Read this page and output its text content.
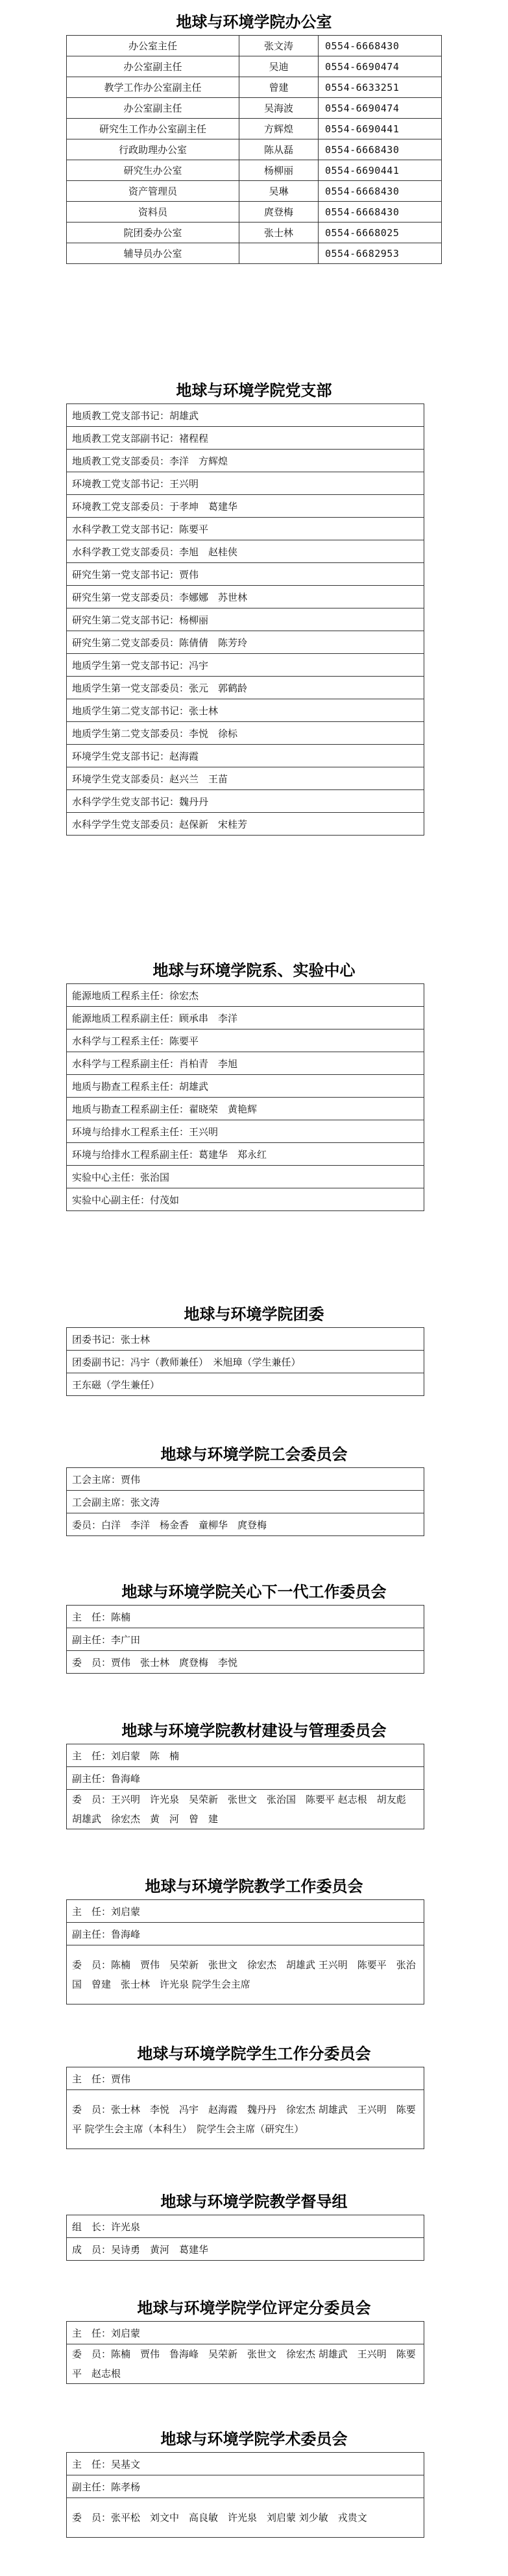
地球与环境学院办公室
办公室主任	张文涛	0554-6668430
办公室副主任	吴迪	0554-6690474
教学工作办公室副主任	曾建	0554-6633251
办公室副主任	吴海波	0554-6690474
研究生工作办公室副主任	方辉煌	0554-6690441
行政助理办公室	陈从磊	0554-6668430
研究生办公室	杨柳丽	0554-6690441
资产管理员	吴琳	0554-6668430
资料员	庹登梅	0554-6668430
院团委办公室	张士林	0554-6668025
辅导员办公室		0554-6682953
地球与环境学院党支部
地质教工党支部书记：胡雄武
地质教工党支部副书记：褚程程
地质教工党支部委员：李洋　方辉煌
环境教工党支部书记：王兴明
环境教工党支部委员：于孝坤　葛建华
水科学教工党支部书记：陈要平
水科学教工党支部委员：李旭　赵桂侠
研究生第一党支部书记：贾伟
研究生第一党支部委员：李娜娜　苏世林
研究生第二党支部书记：杨柳丽
研究生第二党支部委员：陈倩倩　陈芳玲
地质学生第一党支部书记：冯宇
地质学生第一党支部委员：张元　郭鹤龄
地质学生第二党支部书记：张士林
地质学生第二党支部委员：李悦　徐标
环境学生党支部书记：赵海霞
环境学生党支部委员：赵兴兰　王苗
水科学学生党支部书记：魏丹丹
水科学学生党支部委员：赵保新　宋桂芳
地球与环境学院系、实验中心
能源地质工程系主任：徐宏杰
能源地质工程系副主任：顾承串　李洋
水科学与工程系主任：陈要平
水科学与工程系副主任：肖柏青　李旭
地质与勘查工程系主任：胡雄武
地质与勘查工程系副主任：翟晓荣　黄艳辉
环境与给排水工程系主任：王兴明
环境与给排水工程系副主任：葛建华　郑永红
实验中心主任：张治国
实验中心副主任：付茂如
地球与环境学院团委
团委书记：张士林
团委副书记：冯宇（教师兼任）　米旭璋（学生兼任）
王东磁（学生兼任）
地球与环境学院工会委员会
工会主席：贾伟
工会副主席：张文涛
委员：白洋　李洋　杨金香　童柳华　庹登梅
地球与环境学院关心下一代工作委员会
主　任：陈楠
副主任：李广田
委　员：贾伟　张士林　庹登梅　李悦
地球与环境学院教材建设与管理委员会
主　任：刘启蒙　陈　楠
副主任：鲁海峰
委　员：王兴明　许光泉　吴荣新　张世文　张治国　陈要平 赵志根　胡友彪　胡雄武　徐宏杰　黄　河　曾　建
地球与环境学院教学工作委员会
主　任：刘启蒙
副主任：鲁海峰
委　员：陈楠　贾伟　吴荣新　张世文　徐宏杰　胡雄武 王兴明　陈要平　张治国　曾建　张士林　许光泉 院学生会主席
地球与环境学院学生工作分委员会
主　任：贾伟
委　员：张士林　李悦　冯宇　赵海霞　魏丹丹　徐宏杰 胡雄武　王兴明　陈要平 院学生会主席（本科生）　院学生会主席（研究生）
地球与环境学院教学督导组
组　长：许光泉
成　员：吴诗勇　黄河　葛建华
地球与环境学院学位评定分委员会
主　任：刘启蒙
委　员：陈楠　贾伟　鲁海峰　吴荣新　张世文　徐宏杰 胡雄武　王兴明　陈要平　赵志根
地球与环境学院学术委员会
主　任：吴基文
副主任：陈孝杨
委　员：张平松　刘文中　高良敏　许光泉　刘启蒙 刘少敏　戎贵文
